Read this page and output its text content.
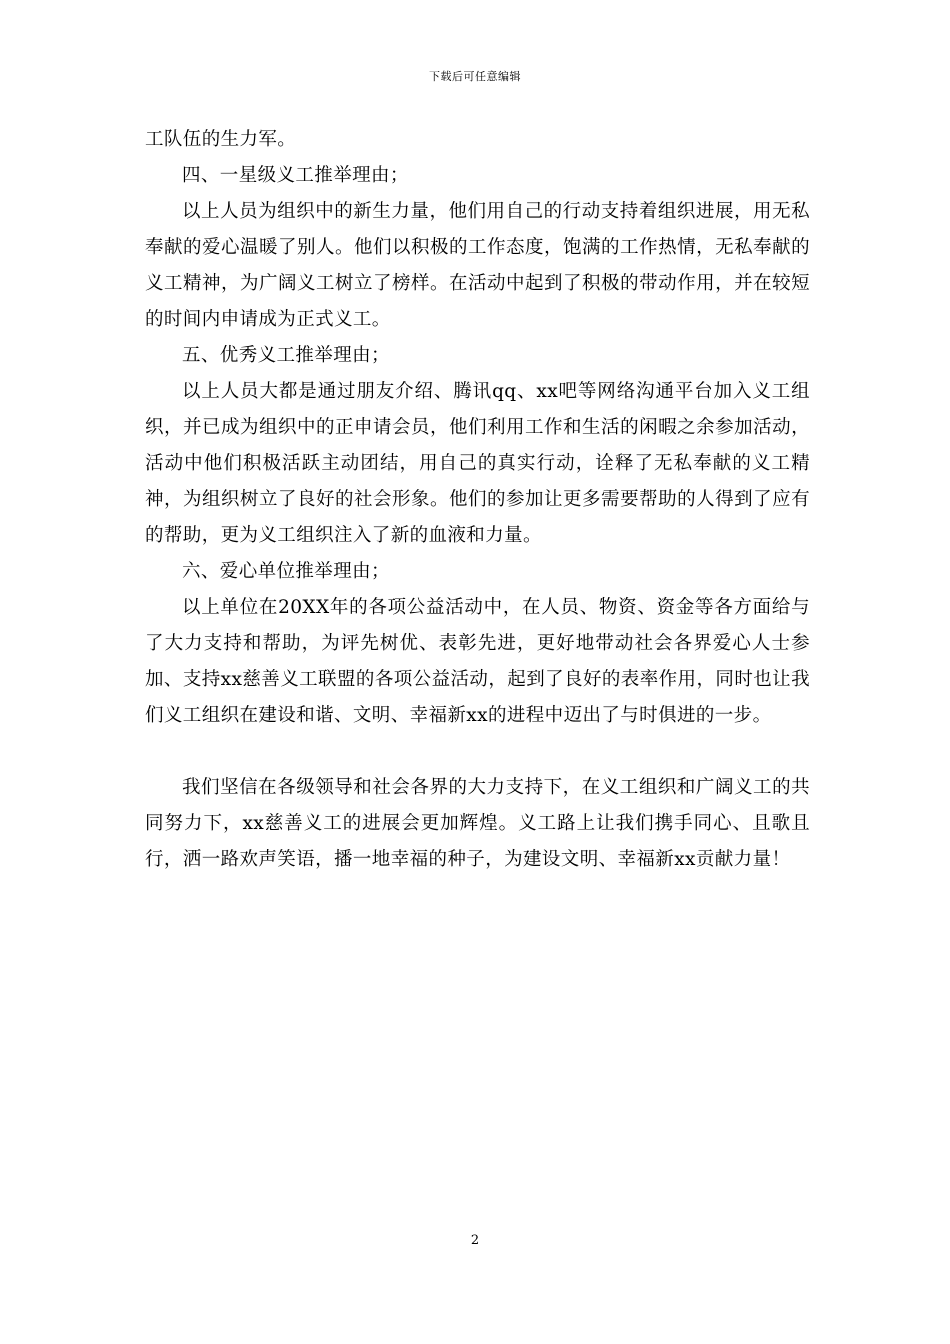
下载后可任意编辑

工队伍的生力军。

四、一星级义工推举理由；

以上人员为组织中的新生力量，他们用自己的行动支持着组织进展，用无私奉献的爱心温暖了别人。他们以积极的工作态度，饱满的工作热情，无私奉献的义工精神，为广阔义工树立了榜样。在活动中起到了积极的带动作用，并在较短的时间内申请成为正式义工。

五、优秀义工推举理由；

以上人员大都是通过朋友介绍、腾讯qq、xx吧等网络沟通平台加入义工组织，并已成为组织中的正申请会员，他们利用工作和生活的闲暇之余参加活动，活动中他们积极活跃主动团结，用自己的真实行动，诠释了无私奉献的义工精神，为组织树立了良好的社会形象。他们的参加让更多需要帮助的人得到了应有的帮助，更为义工组织注入了新的血液和力量。

六、爱心单位推举理由；

以上单位在20XX年的各项公益活动中，在人员、物资、资金等各方面给与了大力支持和帮助，为评先树优、表彰先进，更好地带动社会各界爱心人士参加、支持xx慈善义工联盟的各项公益活动，起到了良好的表率作用，同时也让我们义工组织在建设和谐、文明、幸福新xx的进程中迈出了与时俱进的一步。

我们坚信在各级领导和社会各界的大力支持下，在义工组织和广阔义工的共同努力下，xx慈善义工的进展会更加辉煌。义工路上让我们携手同心、且歌且行，洒一路欢声笑语，播一地幸福的种子，为建设文明、幸福新xx贡献力量！

2
